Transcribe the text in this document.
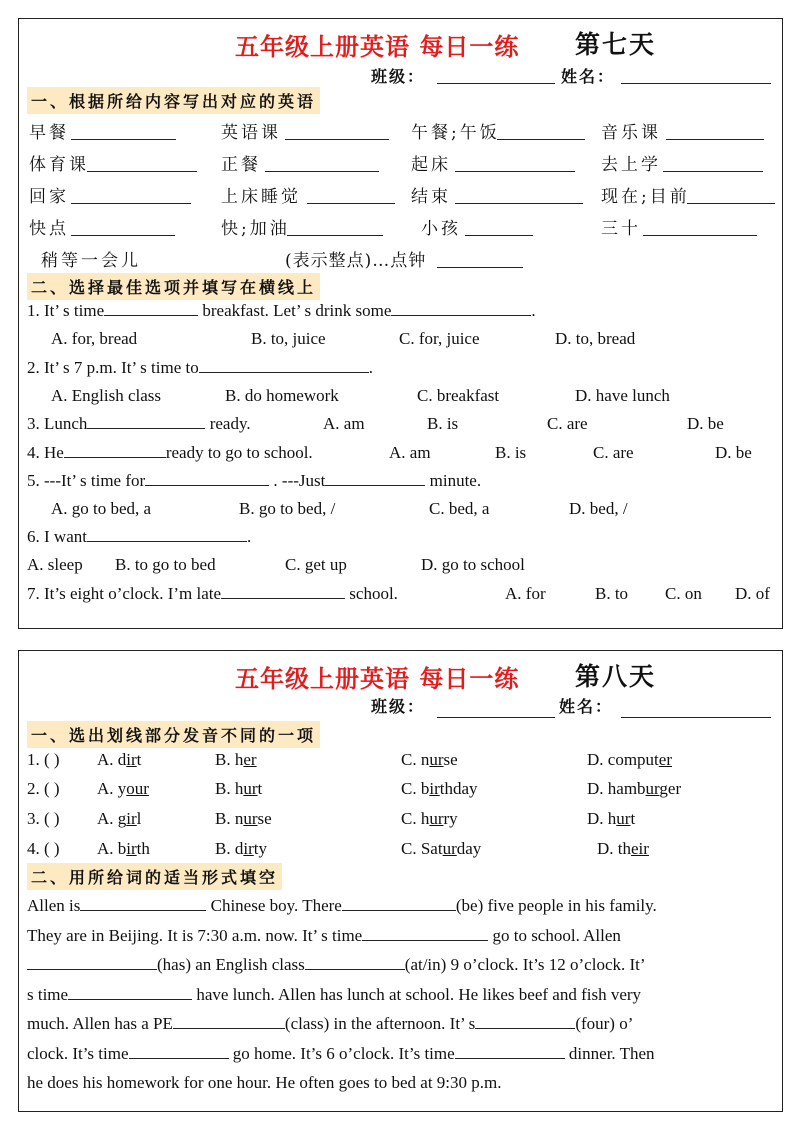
五年级上册英语 每日一练 第七天
班级：	姓名：
一、根据所给内容写出对应的英语
早餐	英语课	午餐;午饭	音乐课
体育课	正餐	起床	去上学
回家	上床睡觉	结束	现在;目前
快点	快;加油	小孩	三十
稍等一会儿	(表示整点)…点钟
二、选择最佳选项并填写在横线上
1. It’ s time	breakfast. Let’ s drink some	.
A. for, bread	B. to, juice	C. for, juice	D. to, bread
2. It’ s 7 p.m. It’ s time to	.
A. English class	B. do homework	C. breakfast	D. have lunch
3. Lunch	ready.	A. am	B. is	C. are	D. be
4. He	ready to go to school.	A. am	B. is	C. are	D. be
5. ---It’ s time for	. ---Just	minute.
A. go to bed, a	B. go to bed, /	C. bed, a	D. bed, /
6. I want	.
A. sleep B. to go to bed	C. get up	D. go to school
7. It’s eight o’clock. I’m late	school.	A. for	B. to C. on D. of
五年级上册英语 每日一练 第八天
班级：	姓名：
一、选出划线部分发音不同的一项
1. ( ) A. dirt	B. her	C. nurse	D. computer
2. ( ) A. your	B. hurt	C. birthday	D. hamburger
3. ( ) A. girl	B. nurse	C. hurry	D. hurt
4. ( ) A. birth	B. dirty	C. Saturday	D. their
二、用所给词的适当形式填空
Allen is	Chinese boy. There	(be) five people in his family.
They are in Beijing. It is 7:30 a.m. now. It’ s time	go to school. Allen
(has) an English class	(at/in) 9 o’clock. It’s 12 o’clock. It’
s time	have lunch. Allen has lunch at school. He likes beef and fish very
much. Allen has a PE	(class) in the afternoon. It’ s	(four) o’
clock. It’s time	go home. It’s 6 o’clock. It’s time	dinner. Then
he does his homework for one hour. He often goes to bed at 9:30 p.m.
